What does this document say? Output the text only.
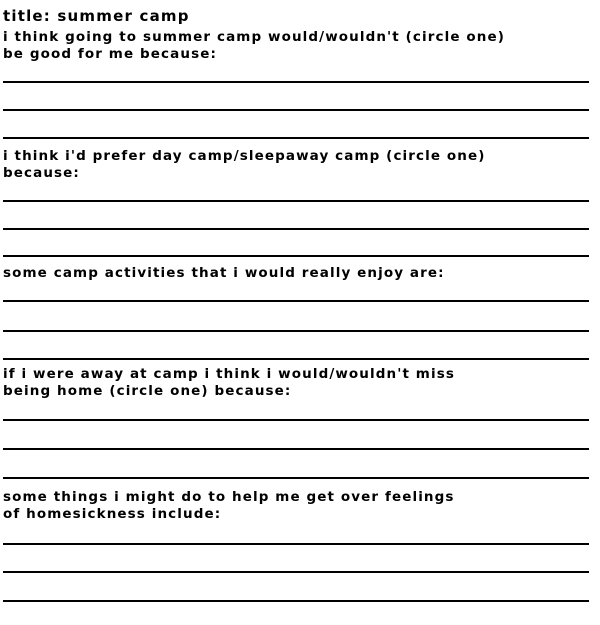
title: summer camp
i think going to summer camp would/wouldn't (circle one)
be good for me because:
i think i'd prefer day camp/sleepaway camp (circle one)
because:
some camp activities that i would really enjoy are:
if i were away at camp i think i would/wouldn't miss
being home (circle one) because:
some things i might do to help me get over feelings
of homesickness include:
